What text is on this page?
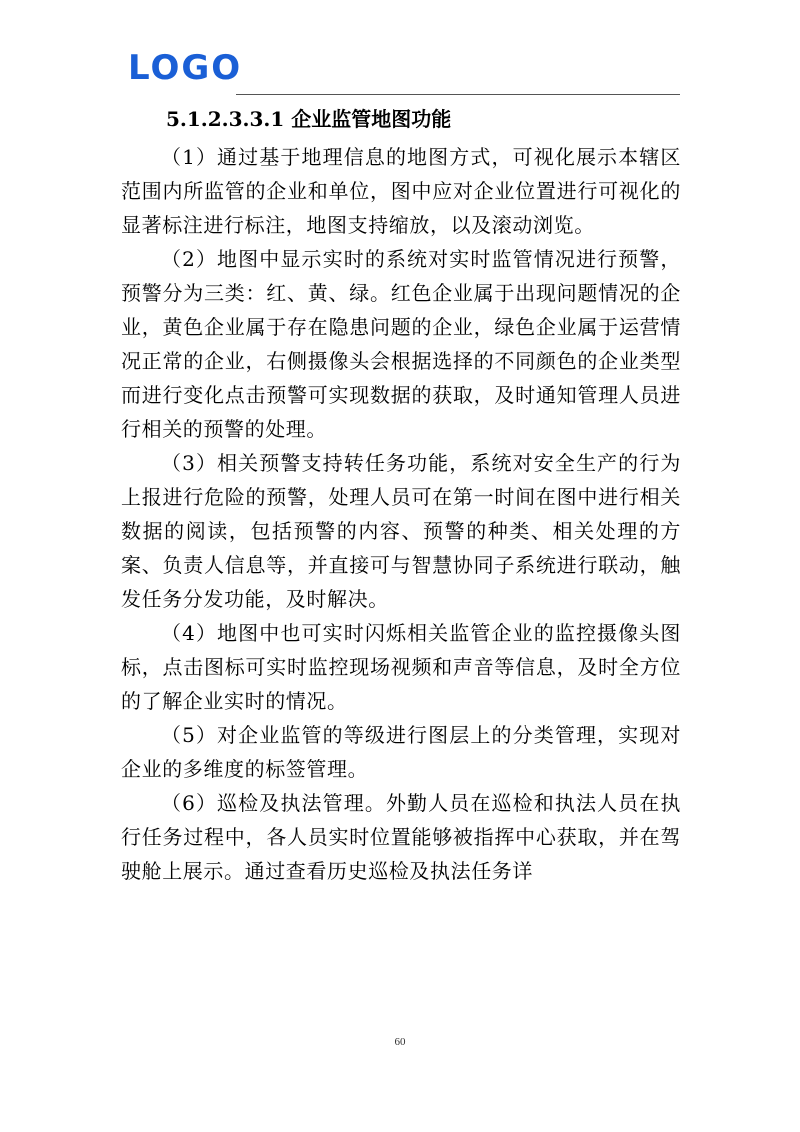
LOGO
5.1.2.3.3.1 企业监管地图功能

（1）通过基于地理信息的地图方式，可视化展示本辖区范围内所监管的企业和单位，图中应对企业位置进行可视化的显著标注进行标注，地图支持缩放，以及滚动浏览。

（2）地图中显示实时的系统对实时监管情况进行预警，预警分为三类：红、黄、绿。红色企业属于出现问题情况的企业，黄色企业属于存在隐患问题的企业，绿色企业属于运营情况正常的企业，右侧摄像头会根据选择的不同颜色的企业类型而进行变化点击预警可实现数据的获取，及时通知管理人员进行相关的预警的处理。

（3）相关预警支持转任务功能，系统对安全生产的行为上报进行危险的预警，处理人员可在第一时间在图中进行相关数据的阅读，包括预警的内容、预警的种类、相关处理的方案、负责人信息等，并直接可与智慧协同子系统进行联动，触发任务分发功能，及时解决。

（4）地图中也可实时闪烁相关监管企业的监控摄像头图标，点击图标可实时监控现场视频和声音等信息，及时全方位的了解企业实时的情况。

（5）对企业监管的等级进行图层上的分类管理，实现对企业的多维度的标签管理。

（6）巡检及执法管理。外勤人员在巡检和执法人员在执行任务过程中，各人员实时位置能够被指挥中心获取，并在驾驶舱上展示。通过查看历史巡检及执法任务详

60
